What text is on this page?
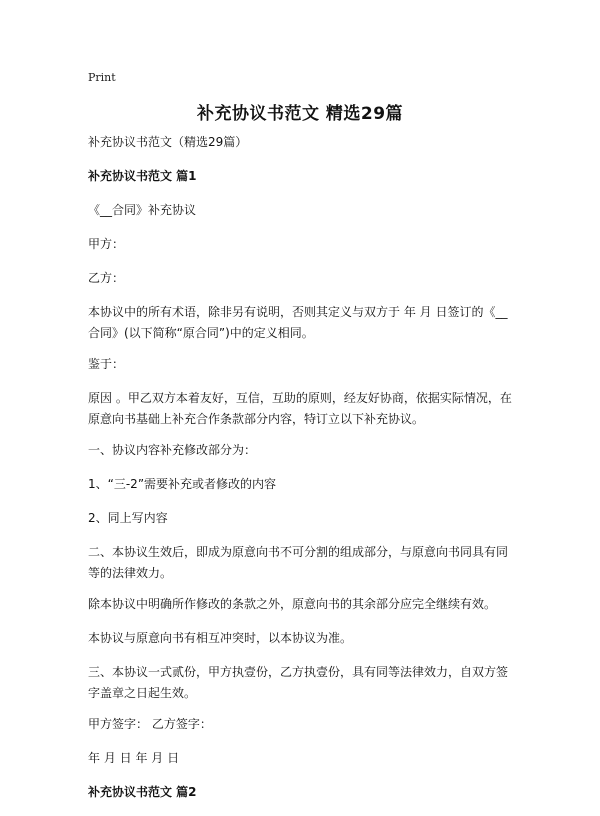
Print
补充协议书范文 精选29篇
补充协议书范文（精选29篇）
补充协议书范文 篇1
《__合同》补充协议
甲方：
乙方：
本协议中的所有术语，除非另有说明，否则其定义与双方于 年 月 日签订的《__合同》(以下简称“原合同”)中的定义相同。
鉴于：
原因 。甲乙双方本着友好，互信，互助的原则，经友好协商，依据实际情况，在原意向书基础上补充合作条款部分内容，特订立以下补充协议。
一、协议内容补充修改部分为：
1、“三-2”需要补充或者修改的内容
2、同上写内容
二、本协议生效后，即成为原意向书不可分割的组成部分，与原意向书同具有同等的法律效力。
除本协议中明确所作修改的条款之外，原意向书的其余部分应完全继续有效。
本协议与原意向书有相互冲突时，以本协议为准。
三、本协议一式贰份，甲方执壹份，乙方执壹份，具有同等法律效力，自双方签字盖章之日起生效。
甲方签字： 乙方签字：
年 月 日 年 月 日
补充协议书范文 篇2
